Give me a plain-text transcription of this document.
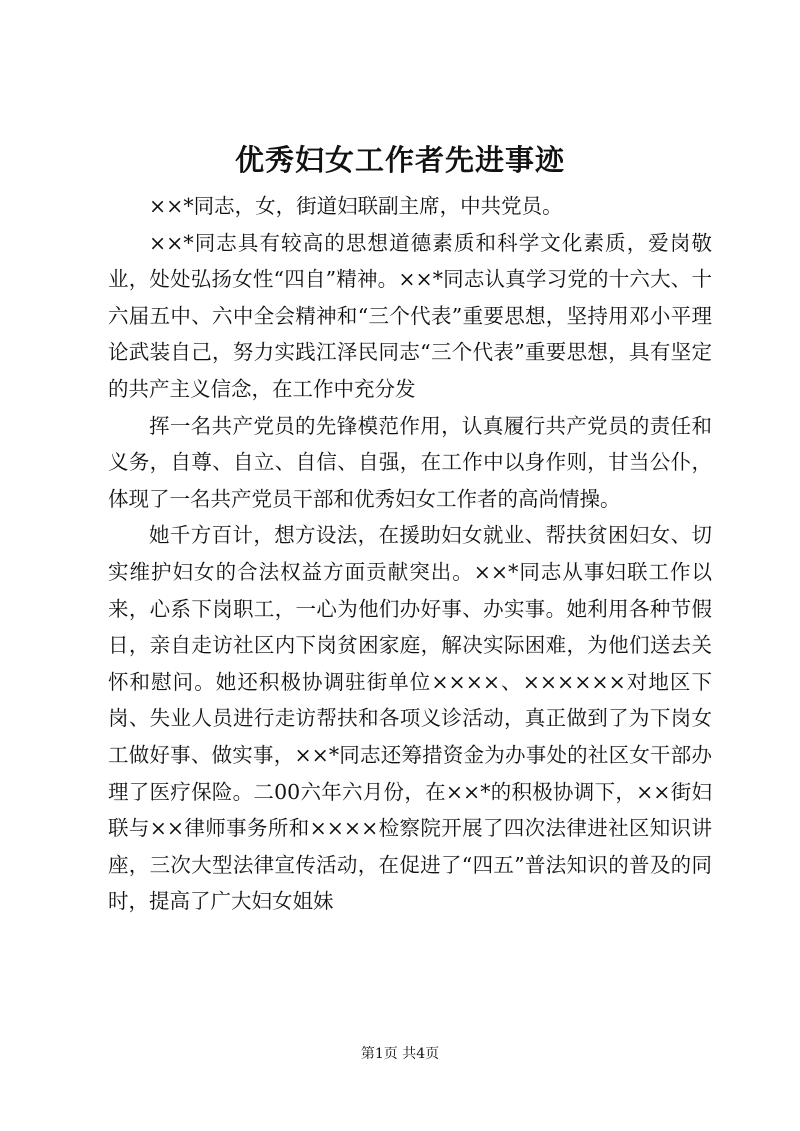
优秀妇女工作者先进事迹

××*同志，女，街道妇联副主席，中共党员。

××*同志具有较高的思想道德素质和科学文化素质，爱岗敬业，处处弘扬女性“四自”精神。××*同志认真学习党的十六大、十六届五中、六中全会精神和“三个代表”重要思想，坚持用邓小平理论武装自己，努力实践江泽民同志“三个代表”重要思想，具有坚定的共产主义信念，在工作中充分发

挥一名共产党员的先锋模范作用，认真履行共产党员的责任和义务，自尊、自立、自信、自强，在工作中以身作则，甘当公仆，体现了一名共产党员干部和优秀妇女工作者的高尚情操。

她千方百计，想方设法，在援助妇女就业、帮扶贫困妇女、切实维护妇女的合法权益方面贡献突出。××*同志从事妇联工作以来，心系下岗职工，一心为他们办好事、办实事。她利用各种节假日，亲自走访社区内下岗贫困家庭，解决实际困难，为他们送去关怀和慰问。她还积极协调驻街单位××××、××××××对地区下岗、失业人员进行走访帮扶和各项义诊活动，真正做到了为下岗女工做好事、做实事，××*同志还筹措资金为办事处的社区女干部办理了医疗保险。二00六年六月份，在××*的积极协调下，××街妇联与××律师事务所和××××检察院开展了四次法律进社区知识讲座，三次大型法律宣传活动，在促进了“四五”普法知识的普及的同时，提高了广大妇女姐妹

第1页 共4页
